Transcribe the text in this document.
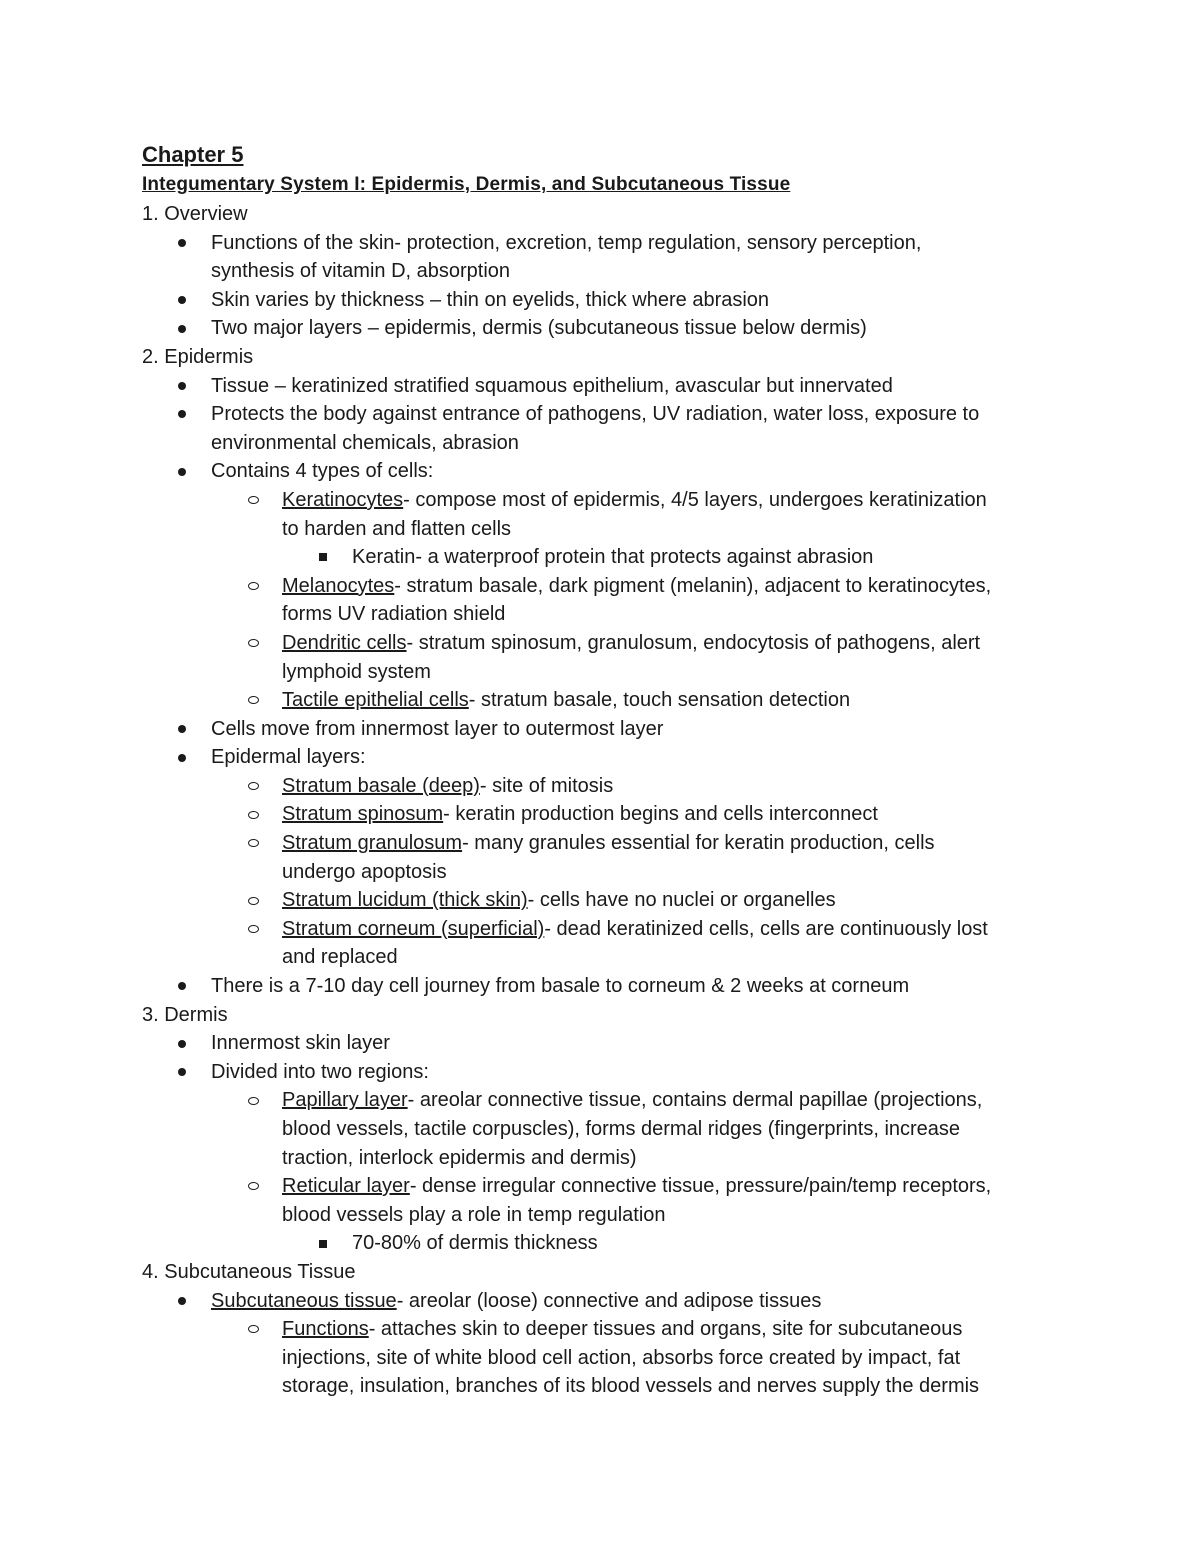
Chapter 5
Integumentary System I: Epidermis, Dermis, and Subcutaneous Tissue
1. Overview
Functions of the skin- protection, excretion, temp regulation, sensory perception,
synthesis of vitamin D, absorption
Skin varies by thickness – thin on eyelids, thick where abrasion
Two major layers – epidermis, dermis (subcutaneous tissue below dermis)
2. Epidermis
Tissue – keratinized stratified squamous epithelium, avascular but innervated
Protects the body against entrance of pathogens, UV radiation, water loss, exposure to
environmental chemicals, abrasion
Contains 4 types of cells:
Keratinocytes- compose most of epidermis, 4/5 layers, undergoes keratinization
to harden and flatten cells
Keratin- a waterproof protein that protects against abrasion
Melanocytes- stratum basale, dark pigment (melanin), adjacent to keratinocytes,
forms UV radiation shield
Dendritic cells- stratum spinosum, granulosum, endocytosis of pathogens, alert
lymphoid system
Tactile epithelial cells- stratum basale, touch sensation detection
Cells move from innermost layer to outermost layer
Epidermal layers:
Stratum basale (deep)- site of mitosis
Stratum spinosum- keratin production begins and cells interconnect
Stratum granulosum- many granules essential for keratin production, cells
undergo apoptosis
Stratum lucidum (thick skin)- cells have no nuclei or organelles
Stratum corneum (superficial)- dead keratinized cells, cells are continuously lost
and replaced
There is a 7-10 day cell journey from basale to corneum & 2 weeks at corneum
3. Dermis
Innermost skin layer
Divided into two regions:
Papillary layer- areolar connective tissue, contains dermal papillae (projections,
blood vessels, tactile corpuscles), forms dermal ridges (fingerprints, increase
traction, interlock epidermis and dermis)
Reticular layer- dense irregular connective tissue, pressure/pain/temp receptors,
blood vessels play a role in temp regulation
70-80% of dermis thickness
4. Subcutaneous Tissue
Subcutaneous tissue- areolar (loose) connective and adipose tissues
Functions- attaches skin to deeper tissues and organs, site for subcutaneous
injections, site of white blood cell action, absorbs force created by impact, fat
storage, insulation, branches of its blood vessels and nerves supply the dermis
